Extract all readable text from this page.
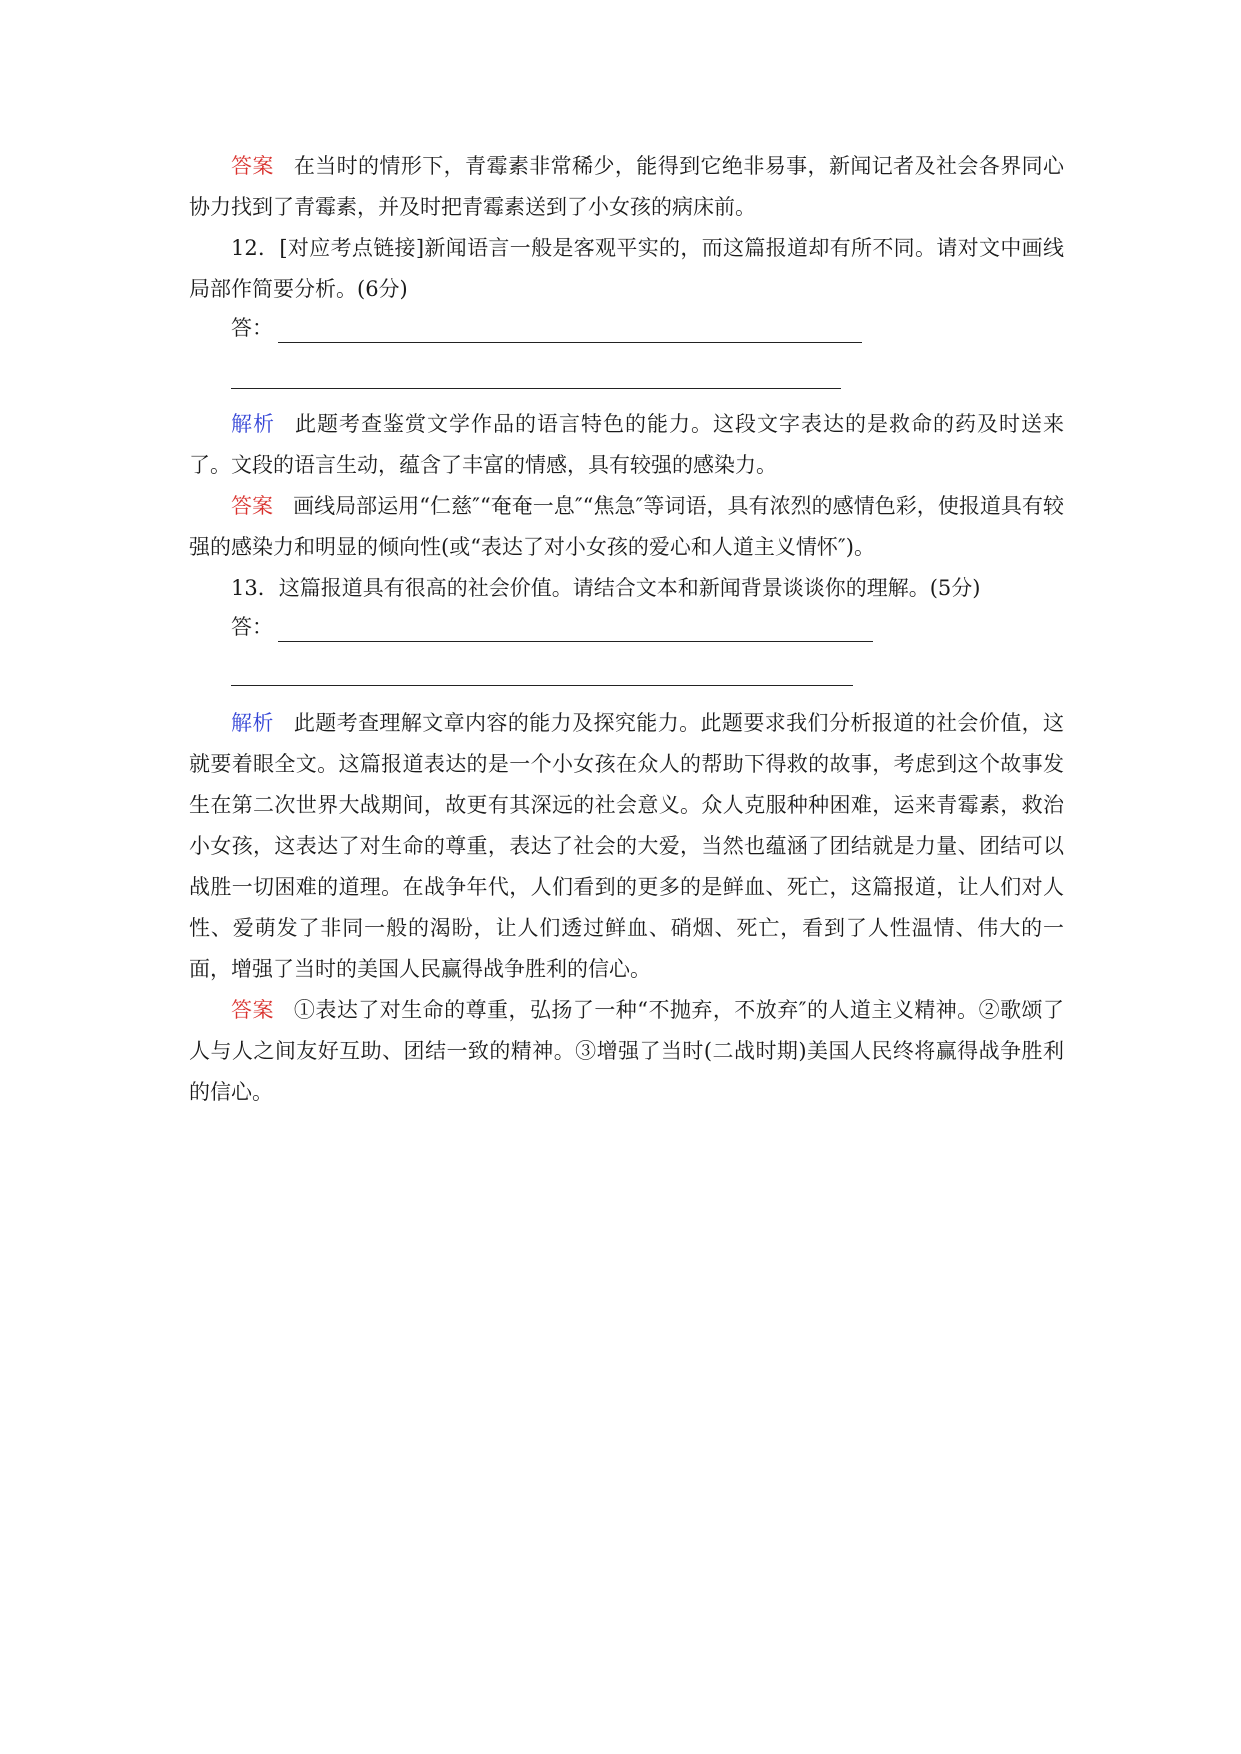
答案 在当时的情形下，青霉素非常稀少，能得到它绝非易事，新闻记者及社会各界同心协力找到了青霉素，并及时把青霉素送到了小女孩的病床前。

12．[对应考点链接]新闻语言一般是客观平实的，而这篇报道却有所不同。请对文中画线局部作简要分析。(6分)

答：

解析 此题考查鉴赏文学作品的语言特色的能力。这段文字表达的是救命的药及时送来了。文段的语言生动，蕴含了丰富的情感，具有较强的感染力。

答案 画线局部运用“仁慈″“奄奄一息″“焦急″等词语，具有浓烈的感情色彩，使报道具有较强的感染力和明显的倾向性(或“表达了对小女孩的爱心和人道主义情怀″)。

13．这篇报道具有很高的社会价值。请结合文本和新闻背景谈谈你的理解。(5分)

答：

解析 此题考查理解文章内容的能力及探究能力。此题要求我们分析报道的社会价值，这就要着眼全文。这篇报道表达的是一个小女孩在众人的帮助下得救的故事，考虑到这个故事发生在第二次世界大战期间，故更有其深远的社会意义。众人克服种种困难，运来青霉素，救治小女孩，这表达了对生命的尊重，表达了社会的大爱，当然也蕴涵了团结就是力量、团结可以战胜一切困难的道理。在战争年代，人们看到的更多的是鲜血、死亡，这篇报道，让人们对人性、爱萌发了非同一般的渴盼，让人们透过鲜血、硝烟、死亡，看到了人性温情、伟大的一面，增强了当时的美国人民赢得战争胜利的信心。

答案 ①表达了对生命的尊重，弘扬了一种“不抛弃，不放弃″的人道主义精神。②歌颂了人与人之间友好互助、团结一致的精神。③增强了当时(二战时期)美国人民终将赢得战争胜利的信心。
